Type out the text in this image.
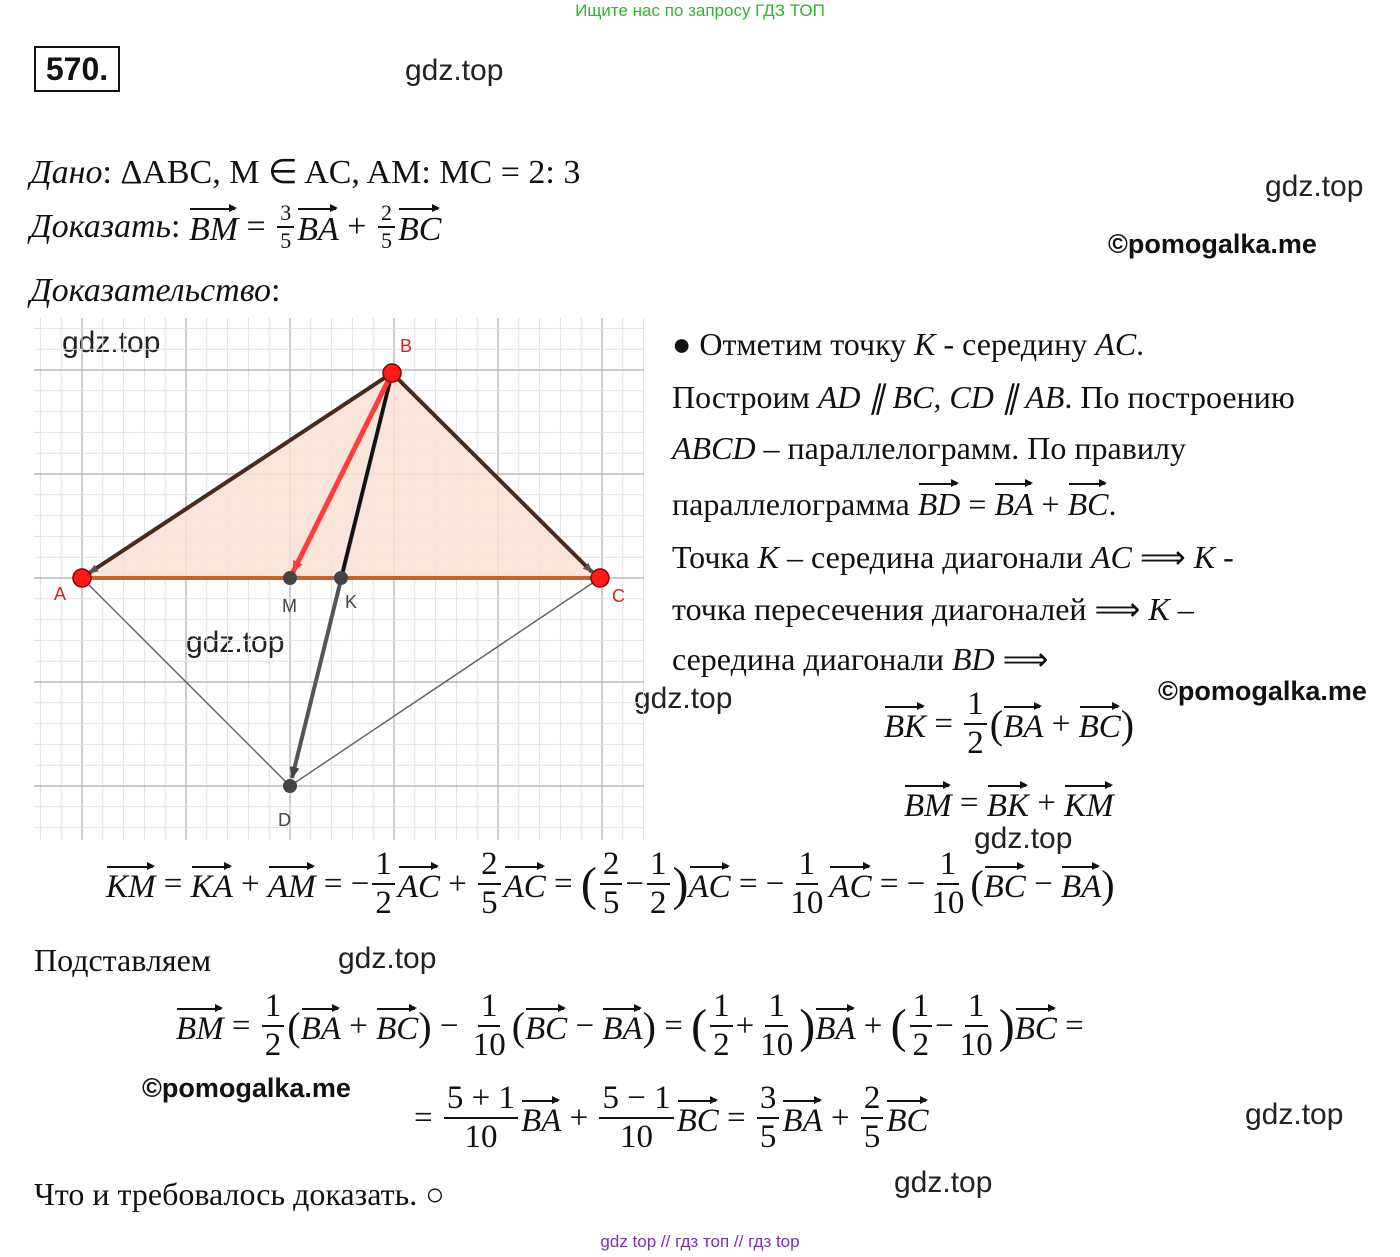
Ищите нас по запросу ГДЗ ТОП
gdz top // гдз топ // гдз top
570.	gdz.top
gdz.top
©pomogalka.me
gdz.top
gdz.top
gdz.top	©pomogalka.me
gdz.top
gdz.top
©pomogalka.me
gdz.top
gdz.top
Дано: ΔABC, M ∈ AC, AM: MC = 2: 3
Доказать : BM = $\frac{3}{5}$ BA + $\frac{2}{5}$ BC
Доказательство:
A
B
C
M	K
D
● Отметим точку K - середину AC.
Построим AD ∥ BC, CD ∥ AB. По построению
ABCD – параллелограмм. По правилу
параллелограмма BD = BA + BC.
Точка K – середина диагонали AC ⟹ K -
точка пересечения диагоналей ⟹ K –
середина диагонали BD ⟹
BK = $\frac{1}{2}$ ( BA + BC )
BM = BK + KM
KM = KA + AM = − $\frac{1}{2}$ AC + $\frac{2}{5}$ AC = ( $\frac{2}{5} - \frac{1}{2}$ ) AC = − $\frac{1}{10}$ AC = − $\frac{1}{10}$ ( BC − BA )
Подставляем
BM = $\frac{1}{2}$ ( BA + BC ) − $\frac{1}{10}$ ( BC − BA ) = ( $\frac{1}{2} + \frac{1}{10}$ ) BA + ( $\frac{1}{2} - \frac{1}{10}$ ) BC =
= $\frac{5 + 1}{10}$ BA + $\frac{5 - 1}{10}$ BC = $\frac{3}{5}$ BA + $\frac{2}{5}$ BC
Что и требовалось доказать. ○
